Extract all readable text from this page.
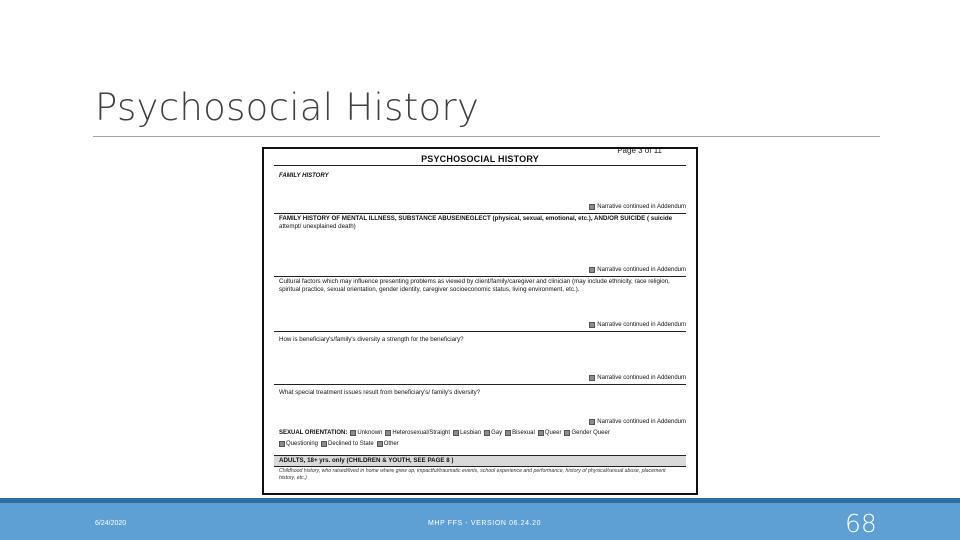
Psychosocial History
Page 3 of 11
PSYCHOSOCIAL HISTORY
FAMILY HISTORY
Narrative continued in Addendum
FAMILY HISTORY OF MENTAL ILLNESS, SUBSTANCE ABUSE/NEGLECT (physical, sexual, emotional, etc.), AND/OR SUICIDE ( suicide
attempt/ unexplained death)
Narrative continued in Addendum
Cultural factors which may influence presenting problems as viewed by client/family/caregiver and clinician (may include ethnicity, race religion, spiritual practice, sexual orientation, gender identity, caregiver socioeconomic status, living environment, etc.).
Narrative continued in Addendum
How is beneficiary's/family's diversity a strength for the beneficiary?
Narrative continued in Addendum
What special treatment issues result from beneficiary's/ family's diversity?
Narrative continued in Addendum
SEXUAL ORIENTATION: Unknown Heterosexual/Straight Lesbian Gay Bisexual Queer Gender Queer
Questioning Declined to State Other
ADULTS, 18+ yrs. only (CHILDREN & YOUTH, SEE PAGE 8 )
Childhood history, who raised/lived in home where grew up, impactful/traumatic events, school experience and performance, history of physical/sexual abuse, placement history, etc.)
6/24/2020	MHP FFS - VERSION 06.24.20	68
